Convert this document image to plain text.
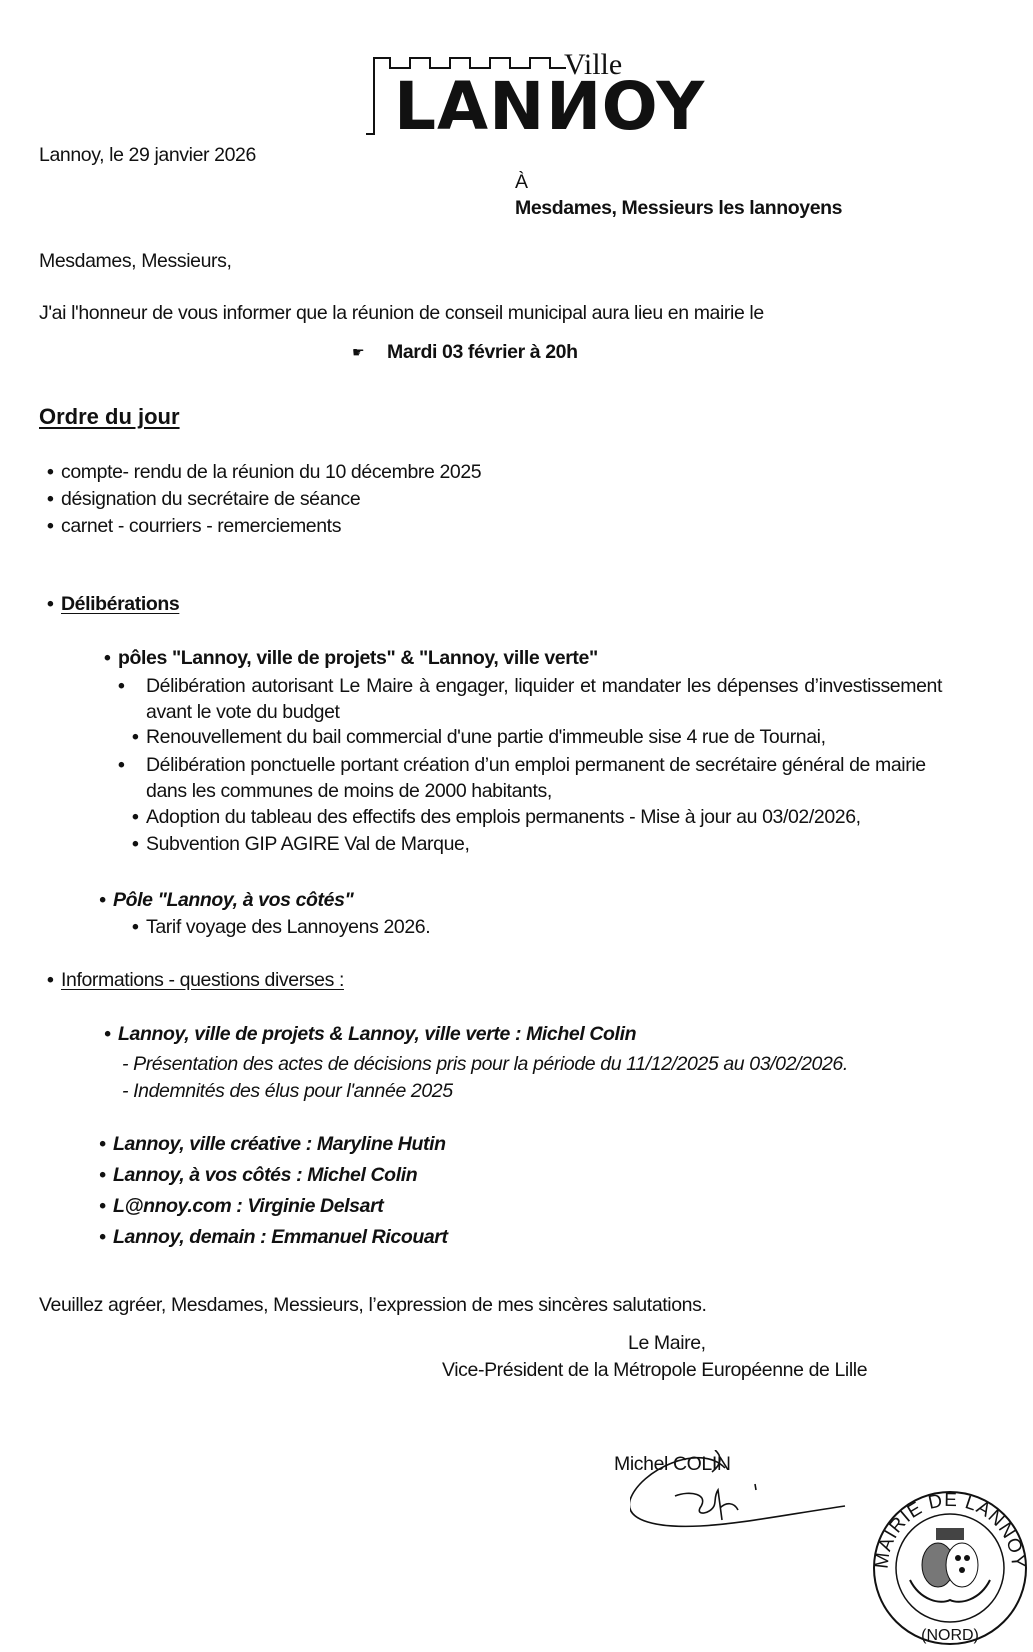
Ville
LANNOY
Lannoy, le 29 janvier 2026
À
Mesdames, Messieurs les lannoyens
Mesdames, Messieurs,
J'ai l'honneur de vous informer que la réunion de conseil municipal aura lieu en mairie le
☛ Mardi 03 février à 20h
Ordre du jour
• compte- rendu de la réunion du 10 décembre 2025
• désignation du secrétaire de séance
• carnet - courriers - remerciements
• Délibérations
• pôles "Lannoy, ville de projets" & "Lannoy, ville verte"
• Délibération autorisant Le Maire à engager, liquider et mandater les dépenses d’investissement avant le vote du budget
• Renouvellement du bail commercial d'une partie d'immeuble sise 4 rue de Tournai,
• Délibération ponctuelle portant création d’un emploi permanent de secrétaire général de mairie dans les communes de moins de 2000 habitants,
• Adoption du tableau des effectifs des emplois permanents - Mise à jour au 03/02/2026,
• Subvention GIP AGIRE Val de Marque,
• Pôle "Lannoy, à vos côtés"
• Tarif voyage des Lannoyens 2026.
• Informations - questions diverses :
• Lannoy, ville de projets & Lannoy, ville verte : Michel Colin
- Présentation des actes de décisions pris pour la période du 11/12/2025 au 03/02/2026.
- Indemnités des élus pour l'année 2025
• Lannoy, ville créative : Maryline Hutin
• Lannoy, à vos côtés : Michel Colin
• L@nnoy.com : Virginie Delsart
• Lannoy, demain : Emmanuel Ricouart
Veuillez agréer, Mesdames, Messieurs, l’expression de mes sincères salutations.
Le Maire,
Vice-Président de la Métropole Européenne de Lille
Michel COLIN
MAIRIE DE LANNOY
(NORD)
